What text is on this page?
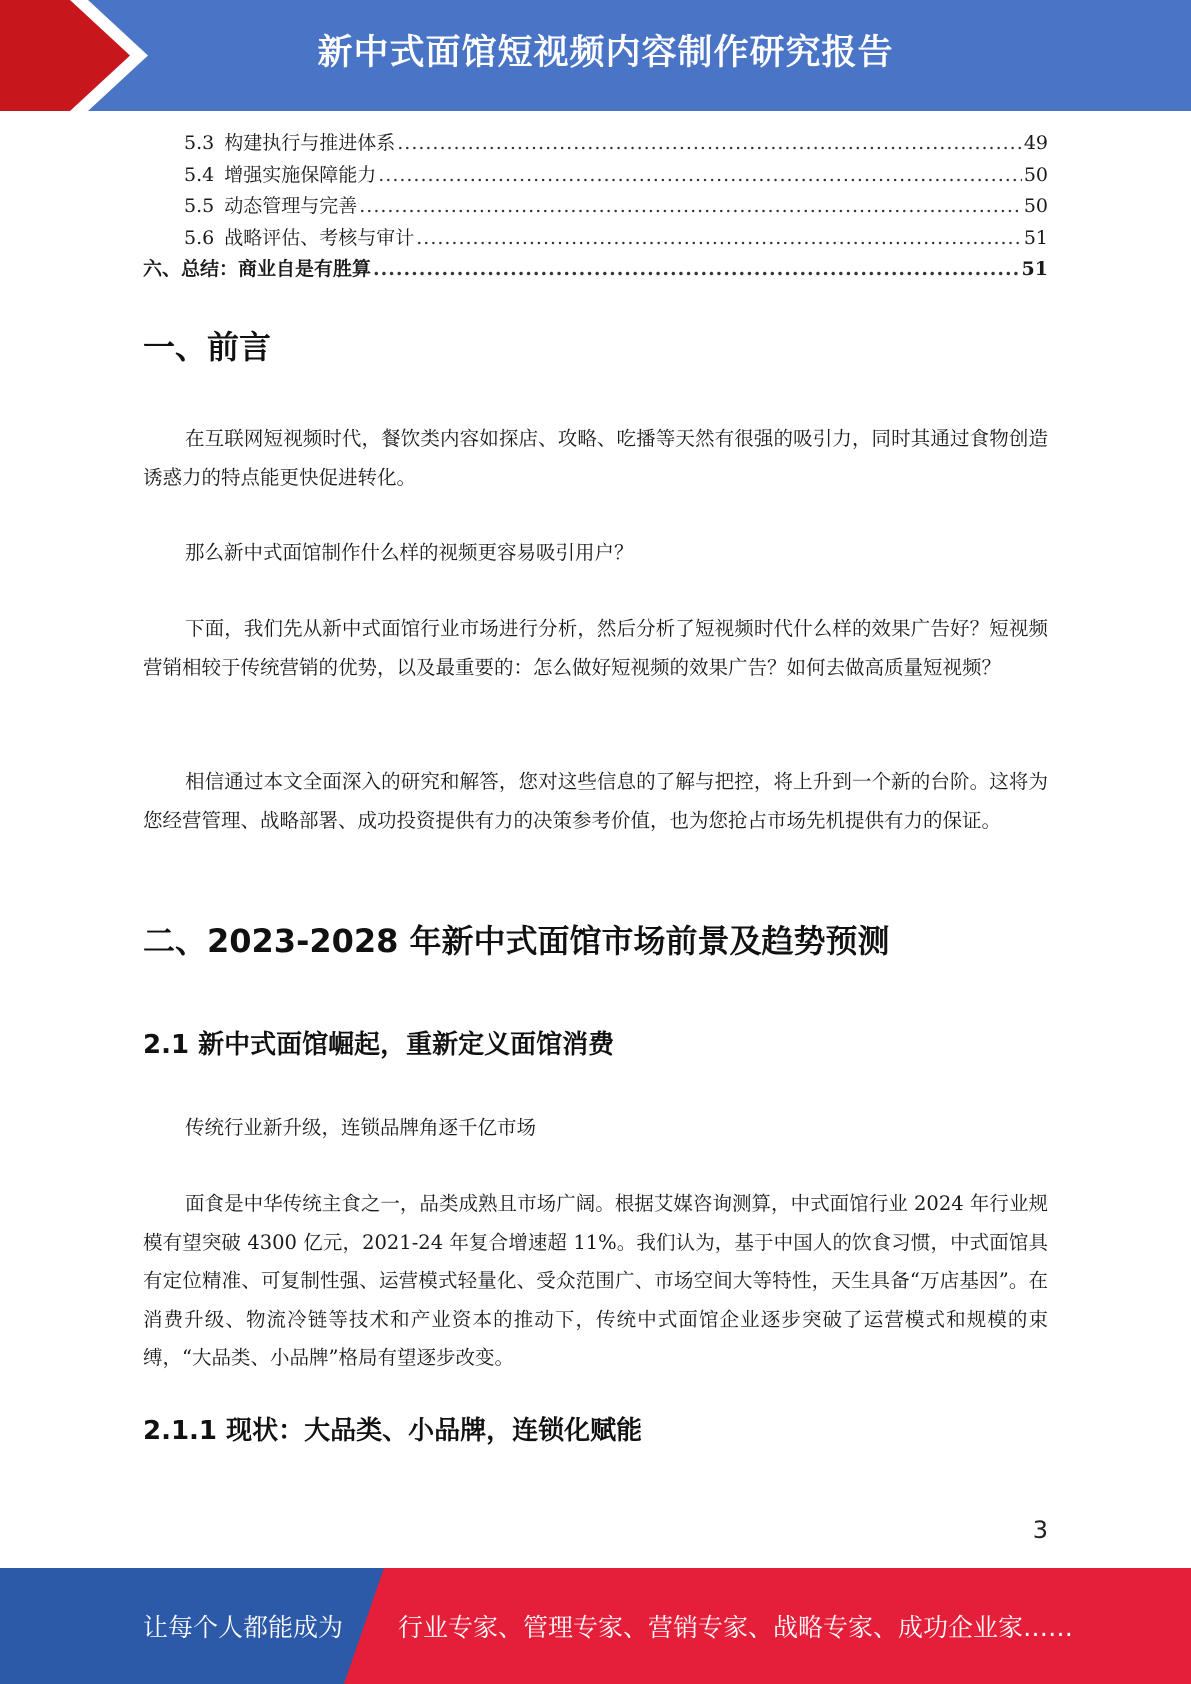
新中式面馆短视频内容制作研究报告
5.3 构建执行与推进体系 .....	49
5.4 增强实施保障能力 .....	50
5.5 动态管理与完善 .....	50
5.6 战略评估、考核与审计 .....	51
六、总结：商业自是有胜算 .....	51
一、前言

在互联网短视频时代，餐饮类内容如探店、攻略、吃播等天然有很强的吸引力，同时其通过食物创造诱惑力的特点能更快促进转化。

那么新中式面馆制作什么样的视频更容易吸引用户？

下面，我们先从新中式面馆行业市场进行分析，然后分析了短视频时代什么样的效果广告好？短视频营销相较于传统营销的优势，以及最重要的：怎么做好短视频的效果广告？如何去做高质量短视频？

相信通过本文全面深入的研究和解答，您对这些信息的了解与把控，将上升到一个新的台阶。这将为您经营管理、战略部署、成功投资提供有力的决策参考价值，也为您抢占市场先机提供有力的保证。

二、2023-2028 年新中式面馆市场前景及趋势预测
2.1 新中式面馆崛起，重新定义面馆消费

传统行业新升级，连锁品牌角逐千亿市场

面食是中华传统主食之一，品类成熟且市场广阔。根据艾媒咨询测算，中式面馆行业 2024 年行业规模有望突破 4300 亿元，2021-24 年复合增速超 11%。我们认为，基于中国人的饮食习惯，中式面馆具有定位精准、可复制性强、运营模式轻量化、受众范围广、市场空间大等特性，天生具备“万店基因”。在消费升级、物流冷链等技术和产业资本的推动下，传统中式面馆企业逐步突破了运营模式和规模的束缚，“大品类、小品牌”格局有望逐步改变。

2.1.1 现状：大品类、小品牌，连锁化赋能
3
让每个人都能成为 行业专家、管理专家、营销专家、战略专家、成功企业家……
